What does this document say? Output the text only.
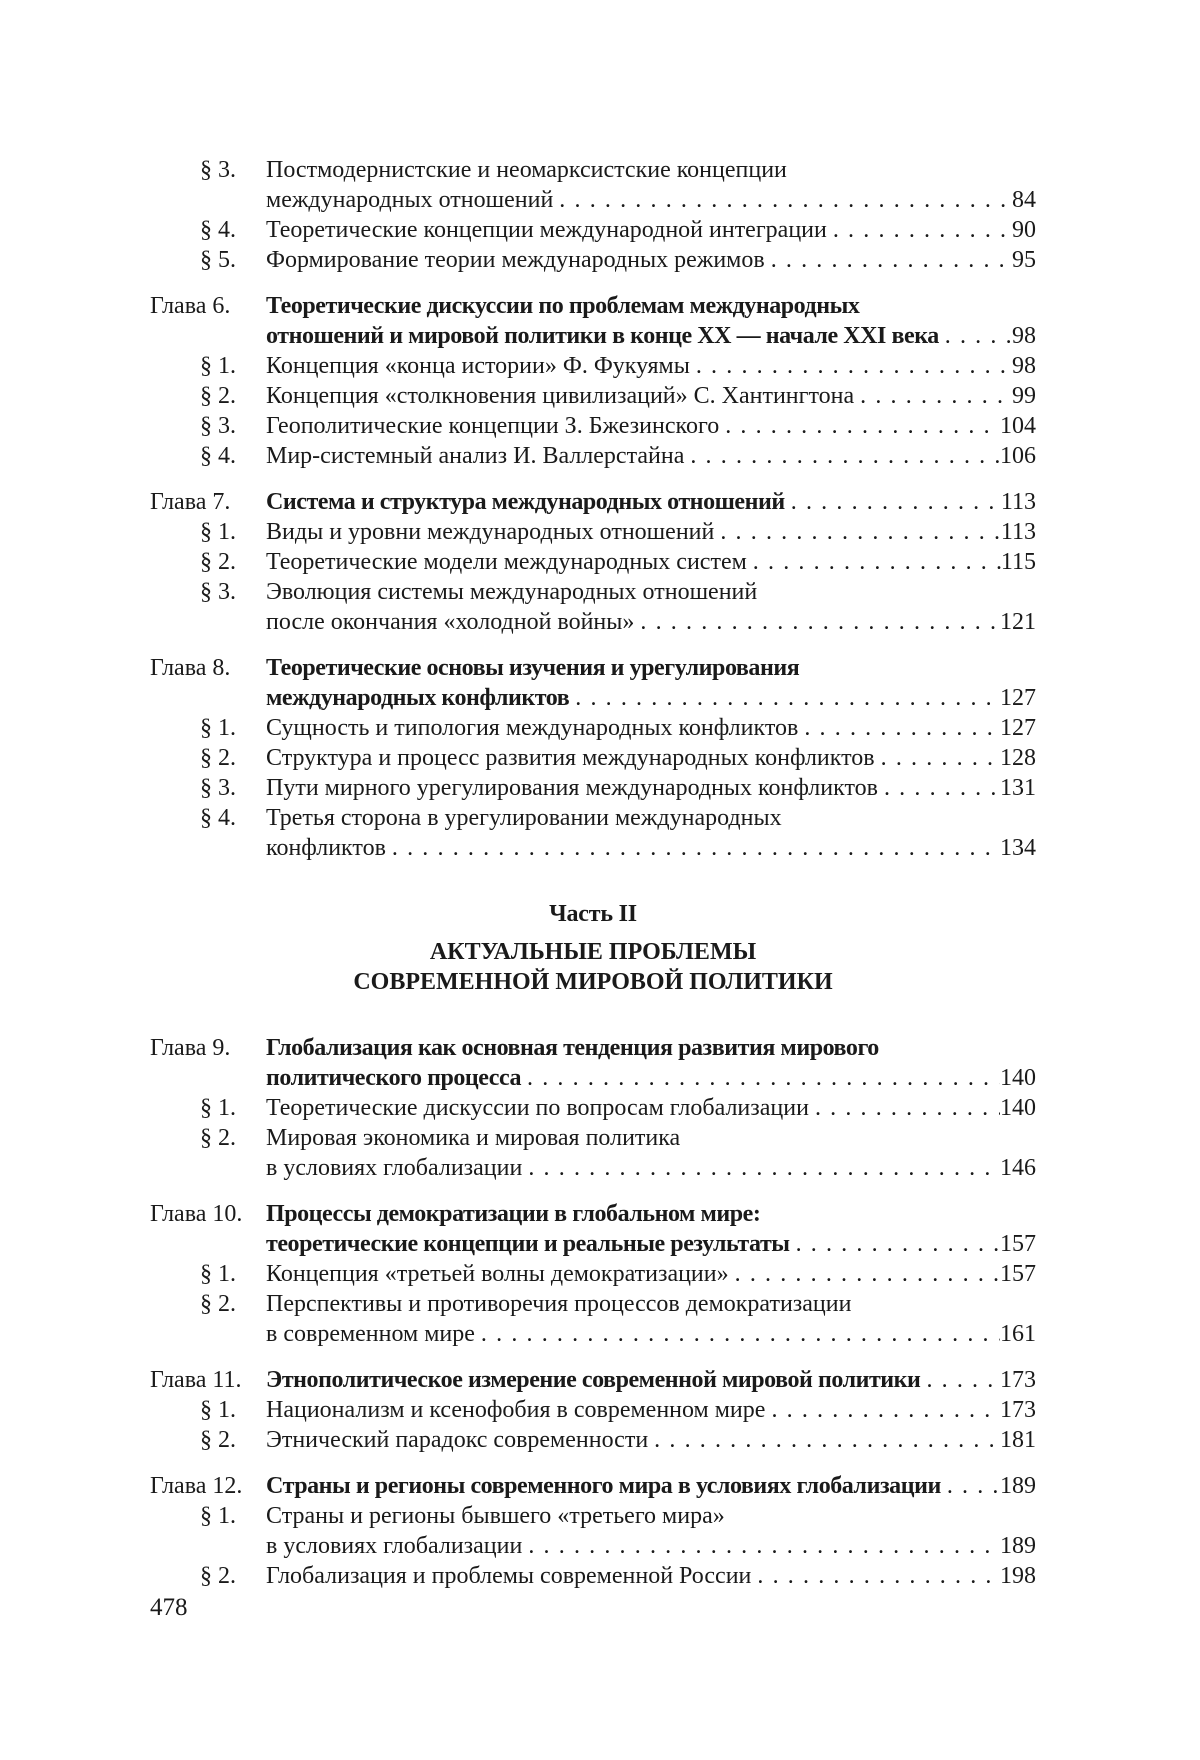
§ 3.	Постмодернистские и неомарксистские концепции
международных отношений . . .	84
§ 4.	Теоретические концепции международной интеграции . . .	90
§ 5.	Формирование теории международных режимов . . .	95
Глава 6.	Теоретические дискуссии по проблемам международных
отношений и мировой политики в конце XX — начале XXI века . . .	98
§ 1.	Концепция «конца истории» Ф. Фукуямы . . .	98
§ 2.	Концепция «столкновения цивилизаций» С. Хантингтона . . .	99
§ 3.	Геополитические концепции З. Бжезинского . . .	104
§ 4.	Мир-системный анализ И. Валлерстайна . . .	106
Глава 7.	Система и структура международных отношений . . .	113
§ 1.	Виды и уровни международных отношений . . .	113
§ 2.	Теоретические модели международных систем . . .	115
§ 3.	Эволюция системы международных отношений
после окончания «холодной войны» . . .	121
Глава 8.	Теоретические основы изучения и урегулирования
международных конфликтов . . .	127
§ 1.	Сущность и типология международных конфликтов . . .	127
§ 2.	Структура и процесс развития международных конфликтов . . .	128
§ 3.	Пути мирного урегулирования международных конфликтов . . .	131
§ 4.	Третья сторона в урегулировании международных
конфликтов . . .	134
Часть II
АКТУАЛЬНЫЕ ПРОБЛЕМЫ
СОВРЕМЕННОЙ МИРОВОЙ ПОЛИТИКИ
Глава 9.	Глобализация как основная тенденция развития мирового
политического процесса . . .	140
§ 1.	Теоретические дискуссии по вопросам глобализации . . .	140
§ 2.	Мировая экономика и мировая политика
в условиях глобализации . . .	146
Глава 10. Процессы демократизации в глобальном мире:
теоретические концепции и реальные результаты . . .	157
§ 1.	Концепция «третьей волны демократизации» . . .	157
§ 2.	Перспективы и противоречия процессов демократизации
в современном мире . . .	161
Глава 11.	Этнополитическое измерение современной мировой политики . . .	173
§ 1.	Национализм и ксенофобия в современном мире . . .	173
§ 2.	Этнический парадокс современности . . .	181
Глава 12. Страны и регионы современного мира в условиях глобализации . . . 189
§ 1.	Страны и регионы бывшего «третьего мира»
в условиях глобализации . . .	189
§ 2.	Глобализация и проблемы современной России . . .	198
478
